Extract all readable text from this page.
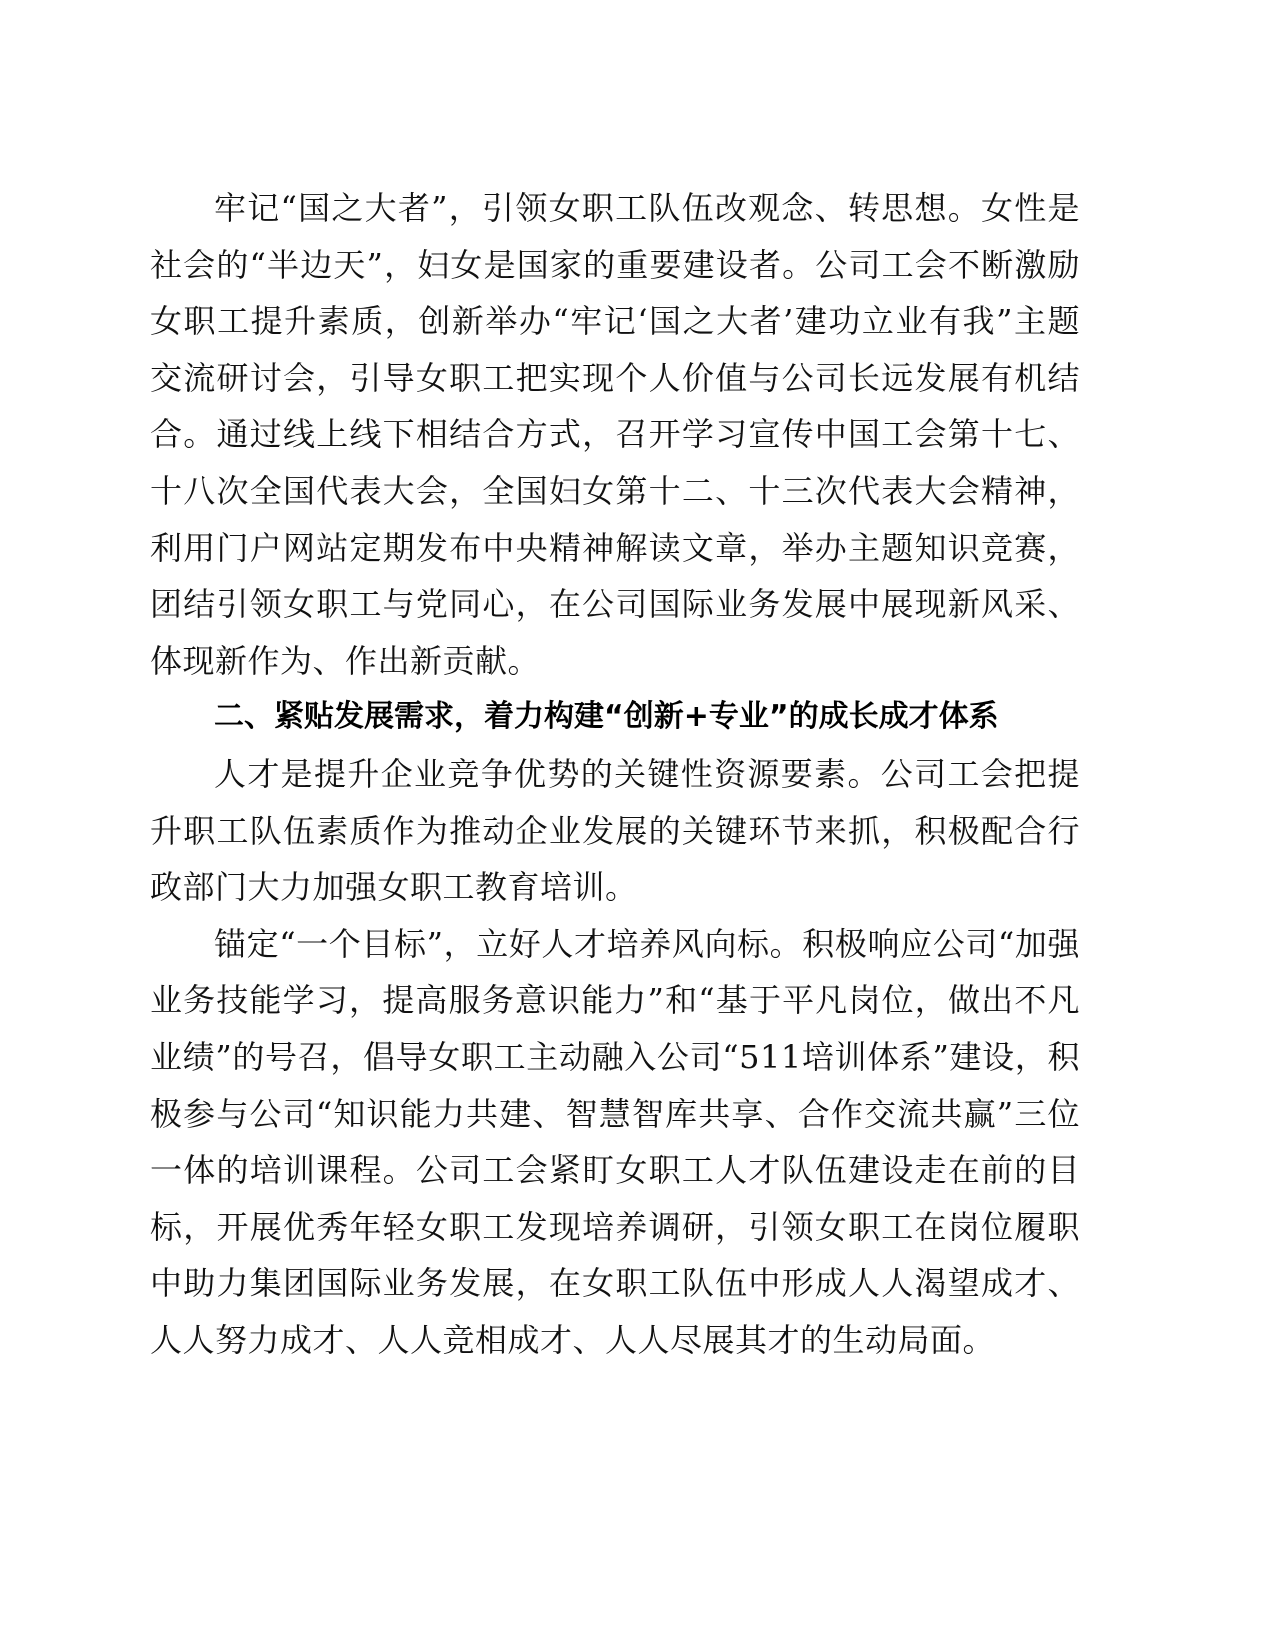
牢记“国之大者”，引领女职工队伍改观念、转思想。女性是社会的“半边天”，妇女是国家的重要建设者。公司工会不断激励女职工提升素质，创新举办“牢记‘国之大者’建功立业有我”主题交流研讨会，引导女职工把实现个人价值与公司长远发展有机结合。通过线上线下相结合方式，召开学习宣传中国工会第十七、十八次全国代表大会，全国妇女第十二、十三次代表大会精神，利用门户网站定期发布中央精神解读文章，举办主题知识竞赛，团结引领女职工与党同心，在公司国际业务发展中展现新风采、体现新作为、作出新贡献。

二、紧贴发展需求，着力构建“创新+专业”的成长成才体系

人才是提升企业竞争优势的关键性资源要素。公司工会把提升职工队伍素质作为推动企业发展的关键环节来抓，积极配合行政部门大力加强女职工教育培训。

锚定“一个目标”，立好人才培养风向标。积极响应公司“加强业务技能学习，提高服务意识能力”和“基于平凡岗位，做出不凡业绩”的号召，倡导女职工主动融入公司“511培训体系”建设，积极参与公司“知识能力共建、智慧智库共享、合作交流共赢”三位一体的培训课程。公司工会紧盯女职工人才队伍建设走在前的目标，开展优秀年轻女职工发现培养调研，引领女职工在岗位履职中助力集团国际业务发展，在女职工队伍中形成人人渴望成才、人人努力成才、人人竞相成才、人人尽展其才的生动局面。
